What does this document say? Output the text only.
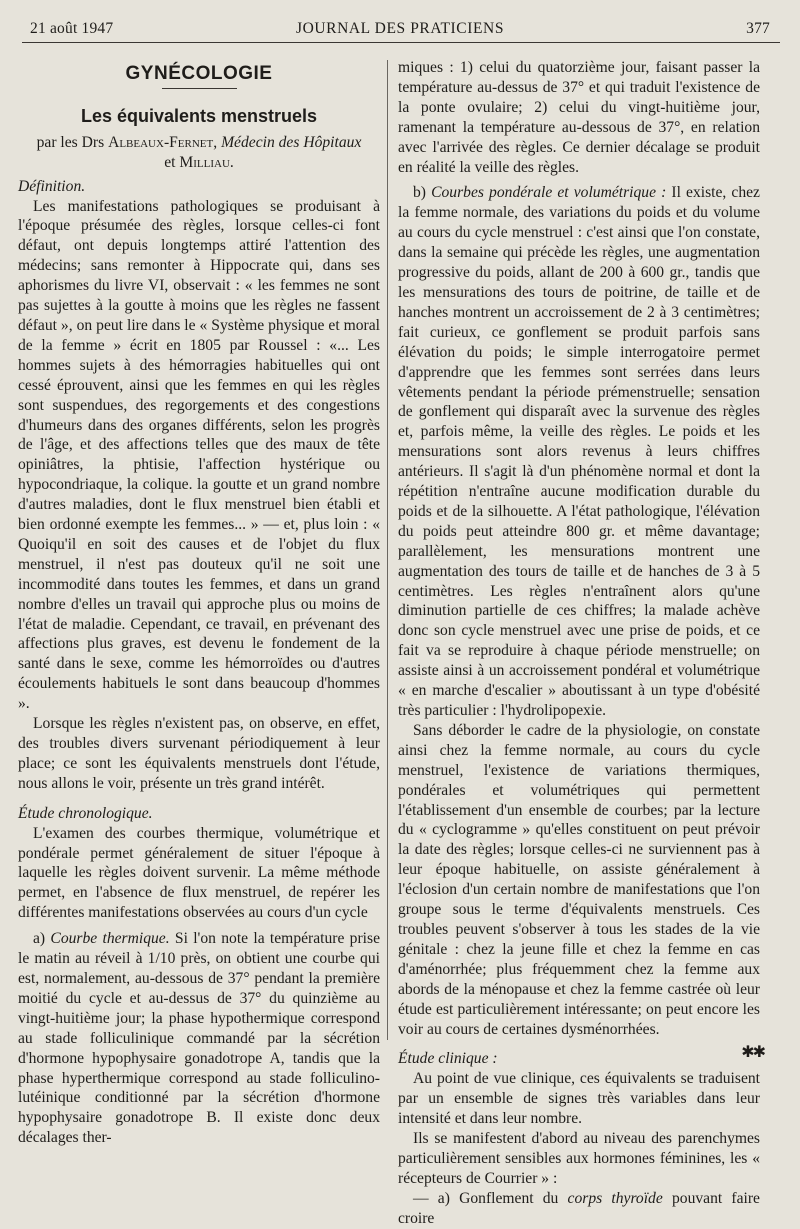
21 août 1947	JOURNAL DES PRATICIENS	377
GYNÉCOLOGIE
Les équivalents menstruels
par les Drs Albeaux-Fernet, Médecin des Hôpitaux
et Milliau.
Définition.

Les manifestations pathologiques se produisant à l'époque présumée des règles, lorsque celles-ci font défaut, ont depuis longtemps attiré l'attention des médecins; sans remonter à Hippocrate qui, dans ses aphorismes du livre VI, observait : « les femmes ne sont pas sujettes à la goutte à moins que les règles ne fassent défaut », on peut lire dans le « Système physique et moral de la femme » écrit en 1805 par Roussel : «... Les hommes sujets à des hémorragies habituelles qui ont cessé éprouvent, ainsi que les femmes en qui les règles sont suspendues, des regorgements et des congestions d'humeurs dans des organes différents, selon les progrès de l'âge, et des affections telles que des maux de tête opiniâtres, la phtisie, l'affection hystérique ou hypocondriaque, la colique. la goutte et un grand nombre d'autres maladies, dont le flux menstruel bien établi et bien ordonné exempte les femmes... » — et, plus loin : « Quoiqu'il en soit des causes et de l'objet du flux menstruel, il n'est pas douteux qu'il ne soit une incommodité dans toutes les femmes, et dans un grand nombre d'elles un travail qui approche plus ou moins de l'état de maladie. Cependant, ce travail, en prévenant des affections plus graves, est devenu le fondement de la santé dans le sexe, comme les hémorroïdes ou d'autres écoulements habituels le sont dans beaucoup d'hommes ».

Lorsque les règles n'existent pas, on observe, en effet, des troubles divers survenant périodiquement à leur place; ce sont les équivalents menstruels dont l'étude, nous allons le voir, présente un très grand intérêt.

Étude chronologique.

L'examen des courbes thermique, volumétrique et pondérale permet généralement de situer l'époque à laquelle les règles doivent survenir. La même méthode permet, en l'absence de flux menstruel, de repérer les différentes manifestations observées au cours d'un cycle

a) Courbe thermique. Si l'on note la température prise le matin au réveil à 1/10 près, on obtient une courbe qui est, normalement, au-dessous de 37° pendant la première moitié du cycle et au-dessus de 37° du quinzième au vingt-huitième jour; la phase hypothermique correspond au stade folliculinique commandé par la sécrétion d'hormone hypophysaire gonadotrope A, tandis que la phase hyperthermique correspond au stade folliculino-lutéinique conditionné par la sécrétion d'hormone hypophysaire gonadotrope B. Il existe donc deux décalages ther-

miques : 1) celui du quatorzième jour, faisant passer la température au-dessus de 37° et qui traduit l'existence de la ponte ovulaire; 2) celui du vingt-huitième jour, ramenant la température au-dessous de 37°, en relation avec l'arrivée des règles. Ce dernier décalage se produit en réalité la veille des règles.

b) Courbes pondérale et volumétrique : Il existe, chez la femme normale, des variations du poids et du volume au cours du cycle menstruel : c'est ainsi que l'on constate, dans la semaine qui précède les règles, une augmentation progressive du poids, allant de 200 à 600 gr., tandis que les mensurations des tours de poitrine, de taille et de hanches montrent un accroissement de 2 à 3 centimètres; fait curieux, ce gonflement se produit parfois sans élévation du poids; le simple interrogatoire permet d'apprendre que les femmes sont serrées dans leurs vêtements pendant la période prémenstruelle; sensation de gonflement qui disparaît avec la survenue des règles et, parfois même, la veille des règles. Le poids et les mensurations sont alors revenus à leurs chiffres antérieurs. Il s'agit là d'un phénomène normal et dont la répétition n'entraîne aucune modification durable du poids et de la silhouette. A l'état pathologique, l'élévation du poids peut atteindre 800 gr. et même davantage; parallèlement, les mensurations montrent une augmentation des tours de taille et de hanches de 3 à 5 centimètres. Les règles n'entraînent alors qu'une diminution partielle de ces chiffres; la malade achève donc son cycle menstruel avec une prise de poids, et ce fait va se reproduire à chaque période menstruelle; on assiste ainsi à un accroissement pondéral et volumétrique « en marche d'escalier » aboutissant à un type d'obésité très particulier : l'hydrolipopexie.

Sans déborder le cadre de la physiologie, on constate ainsi chez la femme normale, au cours du cycle menstruel, l'existence de variations thermiques, pondérales et volumétriques qui permettent l'établissement d'un ensemble de courbes; par la lecture du « cyclogramme » qu'elles constituent on peut prévoir la date des règles; lorsque celles-ci ne surviennent pas à leur époque habituelle, on assiste généralement à l'éclosion d'un certain nombre de manifestations que l'on groupe sous le terme d'équivalents menstruels. Ces troubles peuvent s'observer à tous les stades de la vie génitale : chez la jeune fille et chez la femme en cas d'aménorrhée; plus fréquemment chez la femme aux abords de la ménopause et chez la femme castrée où leur étude est particulièrement intéressante; on peut encore les voir au cours de certaines dysménorrhées.

Étude clinique :

Au point de vue clinique, ces équivalents se traduisent par un ensemble de signes très variables dans leur intensité et dans leur nombre.

Ils se manifestent d'abord au niveau des parenchymes particulièrement sensibles aux hormones féminines, les « récepteurs de Courrier » :

— a) Gonflement du corps thyroïde pouvant faire croire

✱✱
